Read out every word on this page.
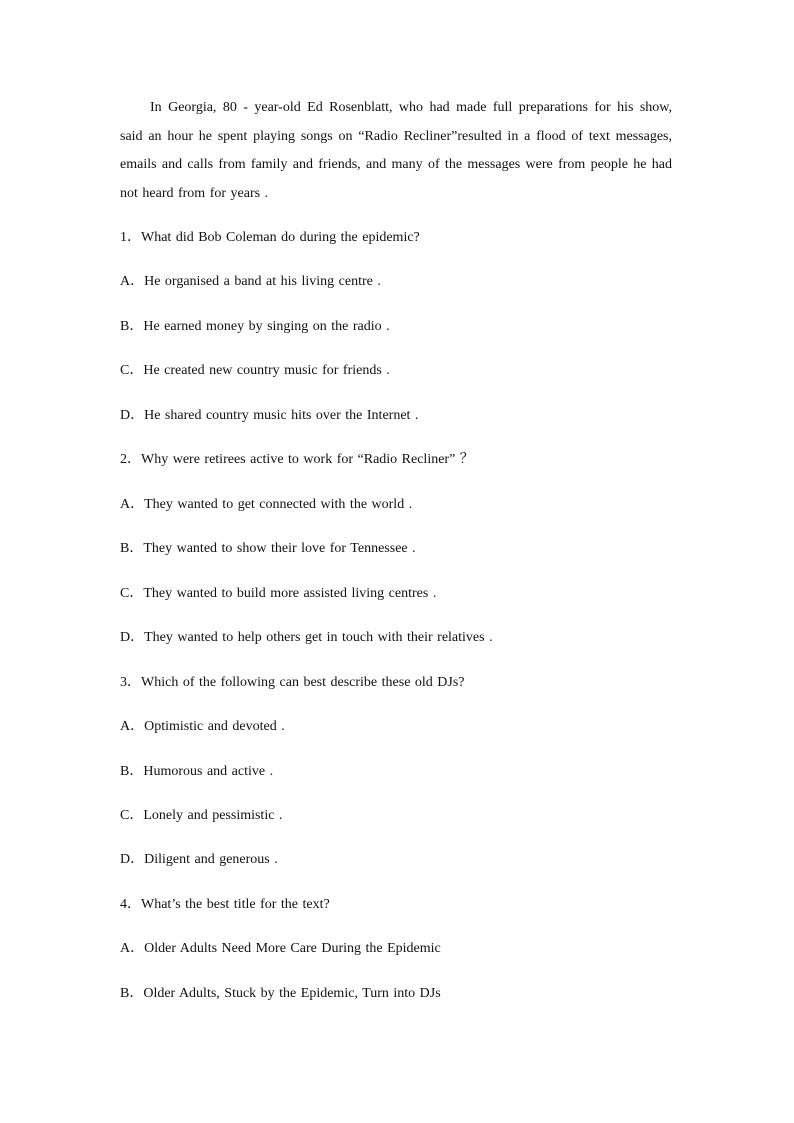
In Georgia, 80 - year-old Ed Rosenblatt, who had made full preparations for his show, said an hour he spent playing songs on “Radio Recliner”resulted in a flood of text messages, emails and calls from family and friends, and many of the messages were from people he had not heard from for years .

1．What did Bob Coleman do during the epidemic?

A．He organised a band at his living centre .

B．He earned money by singing on the radio .

C．He created new country music for friends .

D．He shared country music hits over the Internet .

2．Why were retirees active to work for “Radio Recliner” ？

A．They wanted to get connected with the world .

B．They wanted to show their love for Tennessee .

C．They wanted to build more assisted living centres .

D．They wanted to help others get in touch with their relatives .

3．Which of the following can best describe these old DJs?

A．Optimistic and devoted .

B．Humorous and active .

C．Lonely and pessimistic .

D．Diligent and generous .

4．What’s the best title for the text?

A．Older Adults Need More Care During the Epidemic

B．Older Adults, Stuck by the Epidemic, Turn into DJs
